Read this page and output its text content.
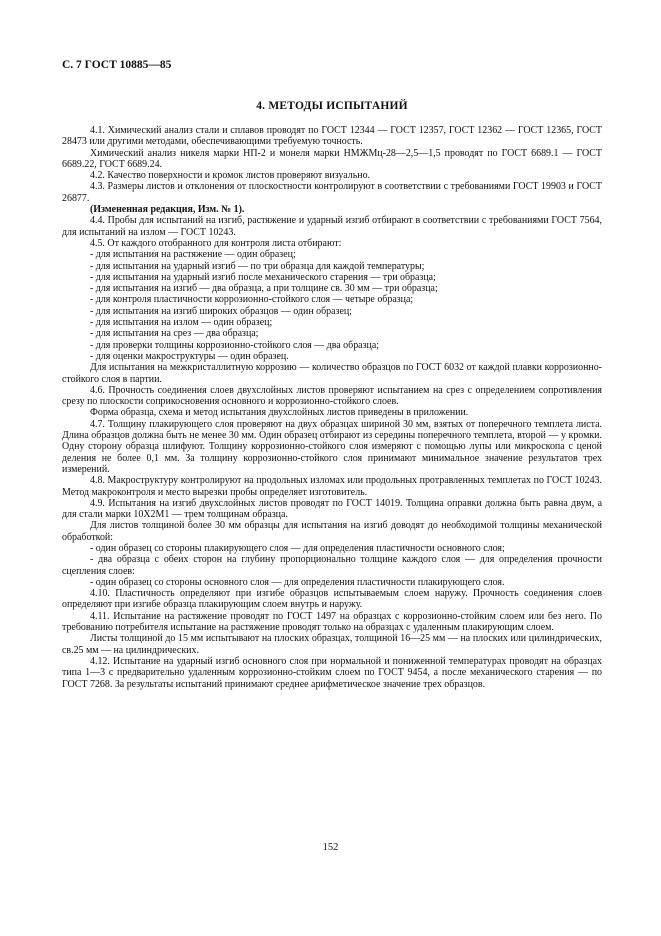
С. 7 ГОСТ 10885—85

4. МЕТОДЫ ИСПЫТАНИЙ

4.1. Химический анализ стали и сплавов проводят по ГОСТ 12344 — ГОСТ 12357, ГОСТ 12362 — ГОСТ 12365, ГОСТ 28473 или другими методами, обеспечивающими требуемую точность.

Химический анализ никеля марки НП-2 и монеля марки НМЖМц-28—2,5—1,5 проводят по ГОСТ 6689.1 — ГОСТ 6689.22, ГОСТ 6689.24.

4.2. Качество поверхности и кромок листов проверяют визуально.

4.3. Размеры листов и отклонения от плоскостности контролируют в соответствии с требованиями ГОСТ 19903 и ГОСТ 26877.

(Измененная редакция, Изм. № 1).

4.4. Пробы для испытаний на изгиб, растяжение и ударный изгиб отбирают в соответствии с требованиями ГОСТ 7564, для испытаний на излом — ГОСТ 10243.

4.5. От каждого отобранного для контроля листа отбирают:

- для испытания на растяжение — один образец;

- для испытания на ударный изгиб — по три образца для каждой температуры;

- для испытания на ударный изгиб после механического старения — три образца;

- для испытания на изгиб — два образца, а при толщине св. 30 мм — три образца;

- для контроля пластичности коррозионно-стойкого слоя — четыре образца;

- для испытания на изгиб широких образцов — один образец;

- для испытания на излом — один образец;

- для испытания на срез — два образца;

- для проверки толщины коррозионно-стойкого слоя — два образца;

- для оценки макроструктуры — один образец.

Для испытания на межкристаллитную коррозию — количество образцов по ГОСТ 6032 от каждой плавки коррозионно-стойкого слоя в партии.

4.6. Прочность соединения слоев двухслойных листов проверяют испытанием на срез с определением сопротивления срезу по плоскости соприкосновения основного и коррозионно-стойкого слоев.

Форма образца, схема и метод испытания двухслойных листов приведены в приложении.

4.7. Толщину плакирующего слоя проверяют на двух образцах шириной 30 мм, взятых от поперечного темплета листа. Длина образцов должна быть не менее 30 мм. Один образец отбирают из середины поперечного темплета, второй — у кромки. Одну сторону образца шлифуют. Толщину коррозионно-стойкого слоя измеряют с помощью лупы или микроскопа с ценой деления не более 0,1 мм. За толщину коррозионно-стойкого слоя принимают минимальное значение результатов трех измерений.

4.8. Макроструктуру контролируют на продольных изломах или продольных протравленных темплетах по ГОСТ 10243. Метод макроконтроля и место вырезки пробы определяет изготовитель.

4.9. Испытания на изгиб двухслойных листов проводят по ГОСТ 14019. Толщина оправки должна быть равна двум, а для стали марки 10Х2М1 — трем толщинам образца.

Для листов толщиной более 30 мм образцы для испытания на изгиб доводят до необходимой толщины механической обработкой:

- один образец со стороны плакирующего слоя — для определения пластичности основного слоя;

- два образца с обеих сторон на глубину пропорционально толщине каждого слоя — для определения прочности сцепления слоев:

- один образец со стороны основного слоя — для определения пластичности плакирующего слоя.

4.10. Пластичность определяют при изгибе образцов испытываемым слоем наружу. Прочность соединения слоев определяют при изгибе образца плакирующим слоем внутрь и наружу.

4.11. Испытание на растяжение проводят по ГОСТ 1497 на образцах с коррозионно-стойким слоем или без него. По требованию потребителя испытание на растяжение проводят только на образцах с удаленным плакирующим слоем.

Листы толщиной до 15 мм испытывают на плоских образцах, толщиной 16—25 мм — на плоских или цилиндрических, св.25 мм — на цилиндрических.

4.12. Испытание на ударный изгиб основного слоя при нормальной и пониженной температурах проводят на образцах типа 1—3 с предварительно удаленным коррозионно-стойким слоем по ГОСТ 9454, а после механического старения — по ГОСТ 7268. За результаты испытаний принимают среднее арифметическое значение трех образцов.

152
